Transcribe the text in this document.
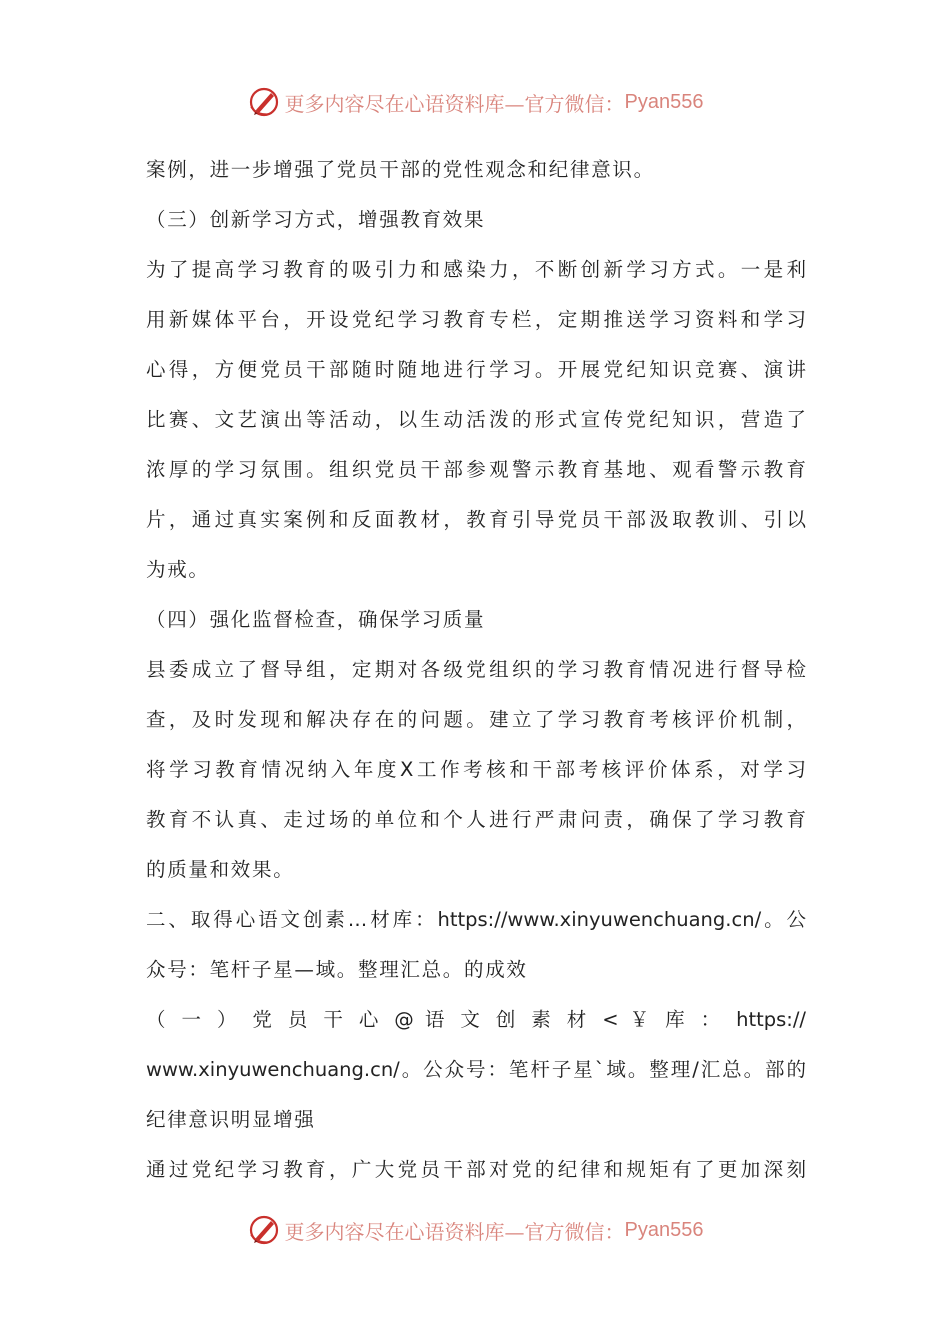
更多内容尽在心语资料库—官方微信： Pyan556
案例，进一步增强了党员干部的党性观念和纪律意识。
（三）创新学习方式，增强教育效果
为了提高学习教育的吸引力和感染力，不断创新学习方式。一是利
用新媒体平台，开设党纪学习教育专栏，定期推送学习资料和学习
心得，方便党员干部随时随地进行学习。开展党纪知识竞赛、演讲
比赛、文艺演出等活动，以生动活泼的形式宣传党纪知识，营造了
浓厚的学习氛围。组织党员干部参观警示教育基地、观看警示教育
片，通过真实案例和反面教材，教育引导党员干部汲取教训、引以
为戒。
（四）强化监督检查，确保学习质量
县委成立了督导组，定期对各级党组织的学习教育情况进行督导检
查，及时发现和解决存在的问题。建立了学习教育考核评价机制，
将学习教育情况纳入年度X工作考核和干部考核评价体系，对学习
教育不认真、走过场的单位和个人进行严肃问责，确保了学习教育
的质量和效果。
二、取得心语文创素…材库：https://www.xinyuwenchuang.cn/。公
众号：笔杆子星—域。整理汇总。的成效
（ 一 ） 党 员 干 心 @ 语 文 创 素 材 < ￥ 库 ： https://
www.xinyuwenchuang.cn/。公众号：笔杆子星`域。整理/汇总。部的
纪律意识明显增强
通过党纪学习教育，广大党员干部对党的纪律和规矩有了更加深刻
更多内容尽在心语资料库—官方微信： Pyan556
